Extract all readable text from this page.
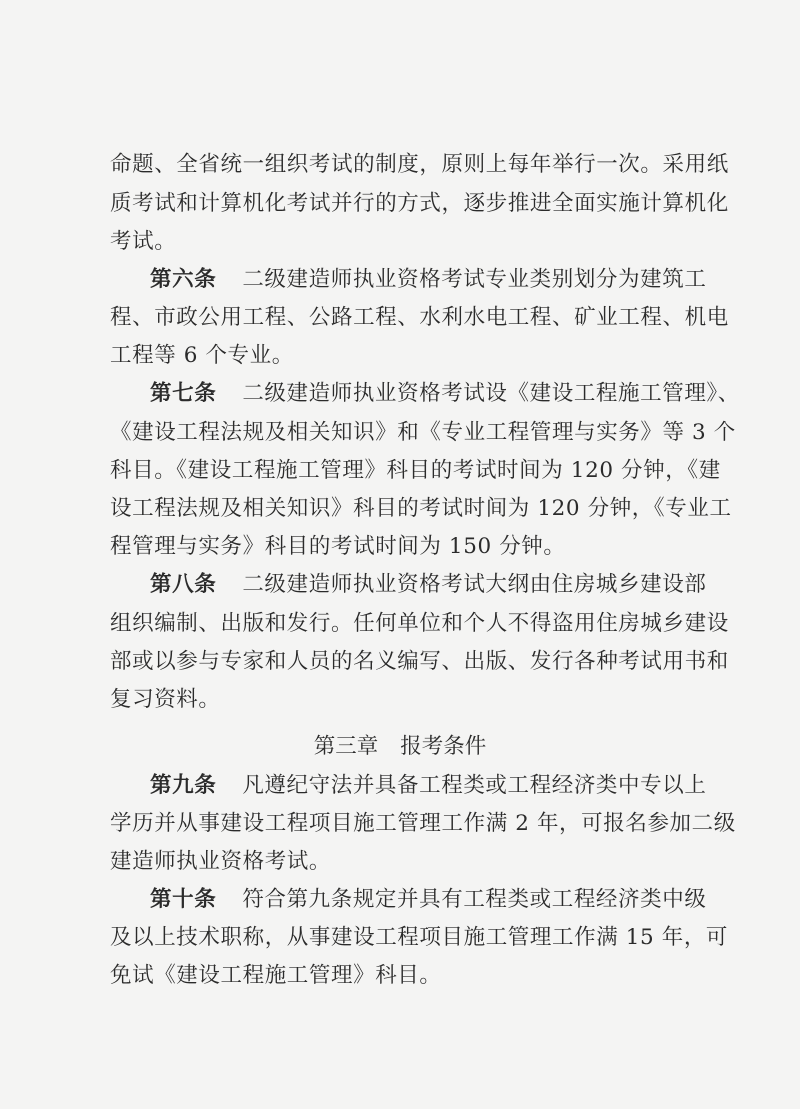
命题、全省统一组织考试的制度，原则上每年举行一次。采用纸
质考试和计算机化考试并行的方式，逐步推进全面实施计算机化
考试。
第六条 二级建造师执业资格考试专业类别划分为建筑工
程、市政公用工程、公路工程、水利水电工程、矿业工程、机电
工程等 6 个专业。
第七条 二级建造师执业资格考试设《建设工程施工管理》、
《建设工程法规及相关知识》和《专业工程管理与实务》等 3 个
科目。《建设工程施工管理》科目的考试时间为 120 分钟，《建
设工程法规及相关知识》科目的考试时间为 120 分钟，《专业工
程管理与实务》科目的考试时间为 150 分钟。
第八条 二级建造师执业资格考试大纲由住房城乡建设部
组织编制、出版和发行。任何单位和个人不得盗用住房城乡建设
部或以参与专家和人员的名义编写、出版、发行各种考试用书和
复习资料。
第三章 报考条件
第九条 凡遵纪守法并具备工程类或工程经济类中专以上
学历并从事建设工程项目施工管理工作满 2 年，可报名参加二级
建造师执业资格考试。
第十条 符合第九条规定并具有工程类或工程经济类中级
及以上技术职称，从事建设工程项目施工管理工作满 15 年，可
免试《建设工程施工管理》科目。
